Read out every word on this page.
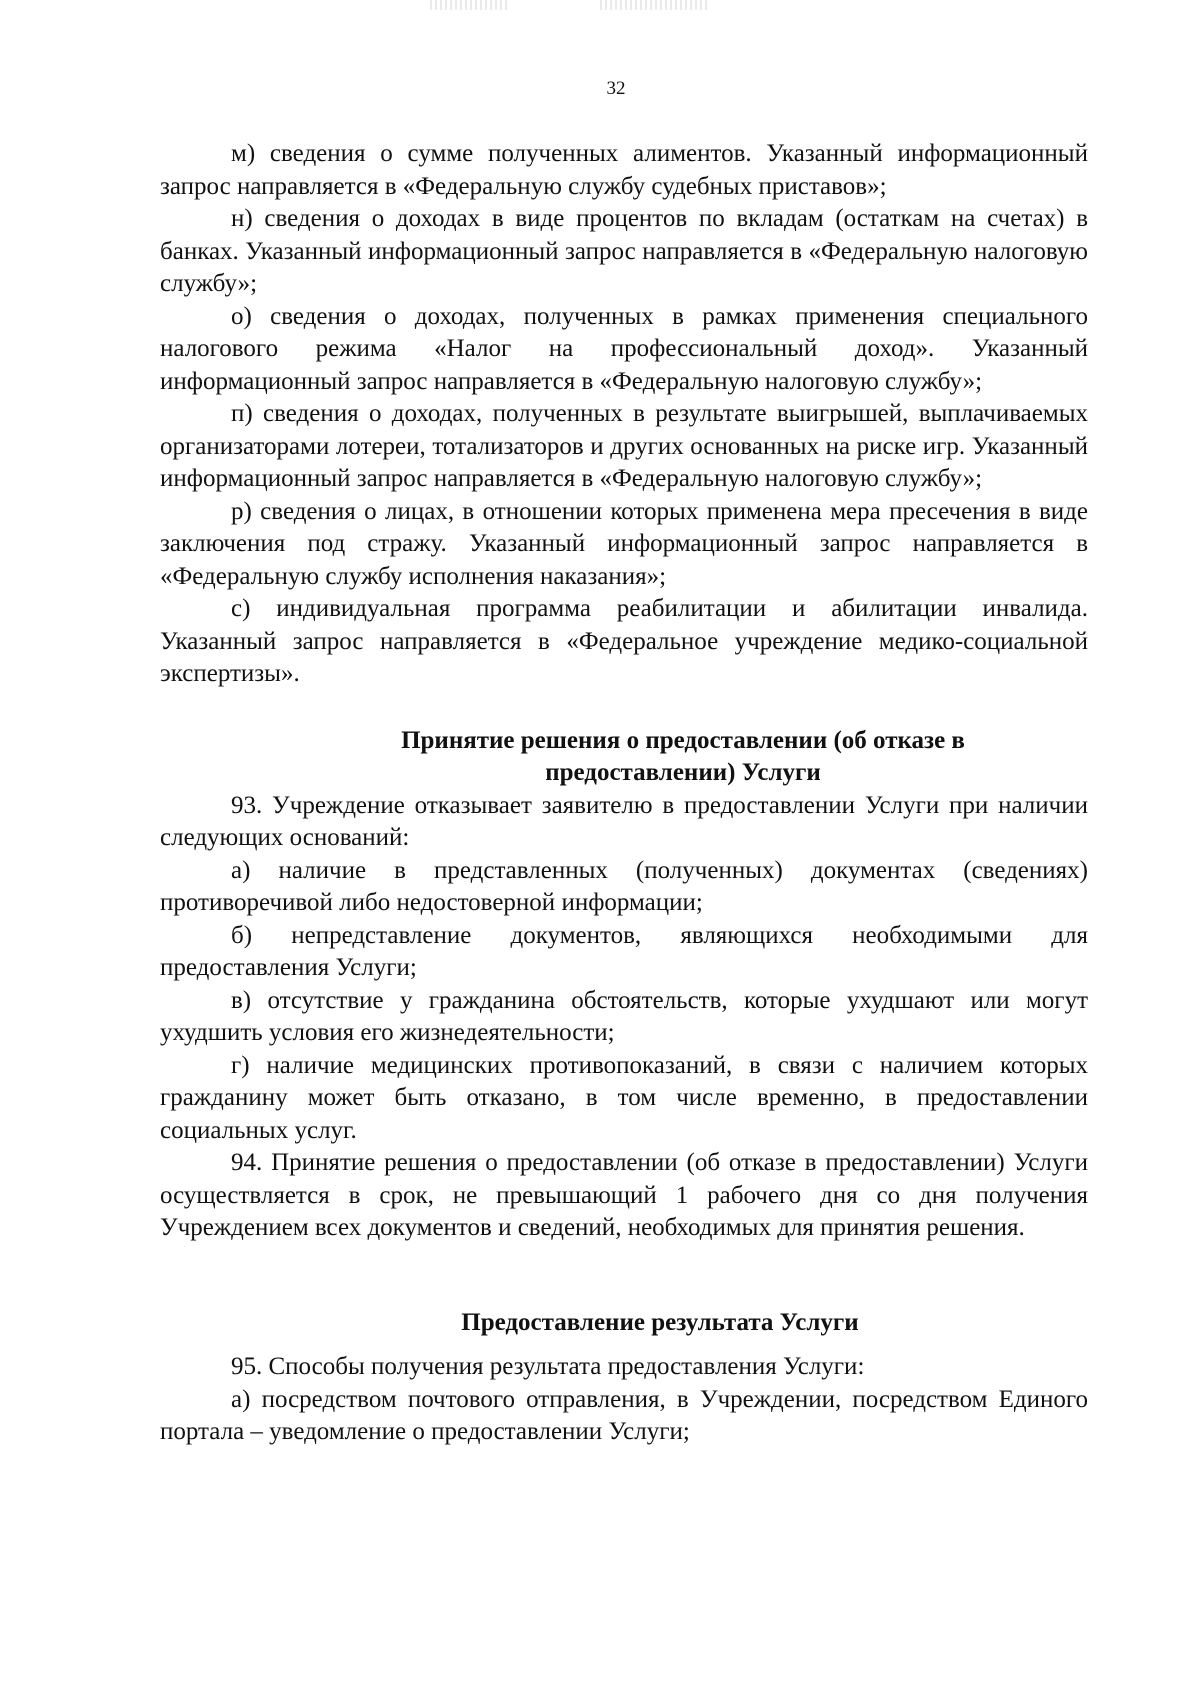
32

м) сведения о сумме полученных алиментов. Указанный информационный запрос направляется в «Федеральную службу судебных приставов»;

н) сведения о доходах в виде процентов по вкладам (остаткам на счетах) в банках. Указанный информационный запрос направляется в «Федеральную налоговую службу»;

о) сведения о доходах, полученных в рамках применения специального налогового режима «Налог на профессиональный доход». Указанный информационный запрос направляется в «Федеральную налоговую службу»;

п) сведения о доходах, полученных в результате выигрышей, выплачиваемых организаторами лотереи, тотализаторов и других основанных на риске игр. Указанный информационный запрос направляется в «Федеральную налоговую службу»;

р) сведения о лицах, в отношении которых применена мера пресечения в виде заключения под стражу. Указанный информационный запрос направляется в «Федеральную службу исполнения наказания»;

с) индивидуальная программа реабилитации и абилитации инвалида. Указанный запрос направляется в «Федеральное учреждение медико-социальной экспертизы».

Принятие решения о предоставлении (об отказе в
предоставлении) Услуги

93. Учреждение отказывает заявителю в предоставлении Услуги при наличии следующих оснований:

а) наличие в представленных (полученных) документах (сведениях) противоречивой либо недостоверной информации;

б) непредставление документов, являющихся необходимыми для предоставления Услуги;

в) отсутствие у гражданина обстоятельств, которые ухудшают или могут ухудшить условия его жизнедеятельности;

г) наличие медицинских противопоказаний, в связи с наличием которых гражданину может быть отказано, в том числе временно, в предоставлении социальных услуг.

94. Принятие решения о предоставлении (об отказе в предоставлении) Услуги осуществляется в срок, не превышающий 1 рабочего дня со дня получения Учреждением всех документов и сведений, необходимых для принятия решения.

Предоставление результата Услуги

95. Способы получения результата предоставления Услуги:

а) посредством почтового отправления, в Учреждении, посредством Единого портала – уведомление о предоставлении Услуги;
